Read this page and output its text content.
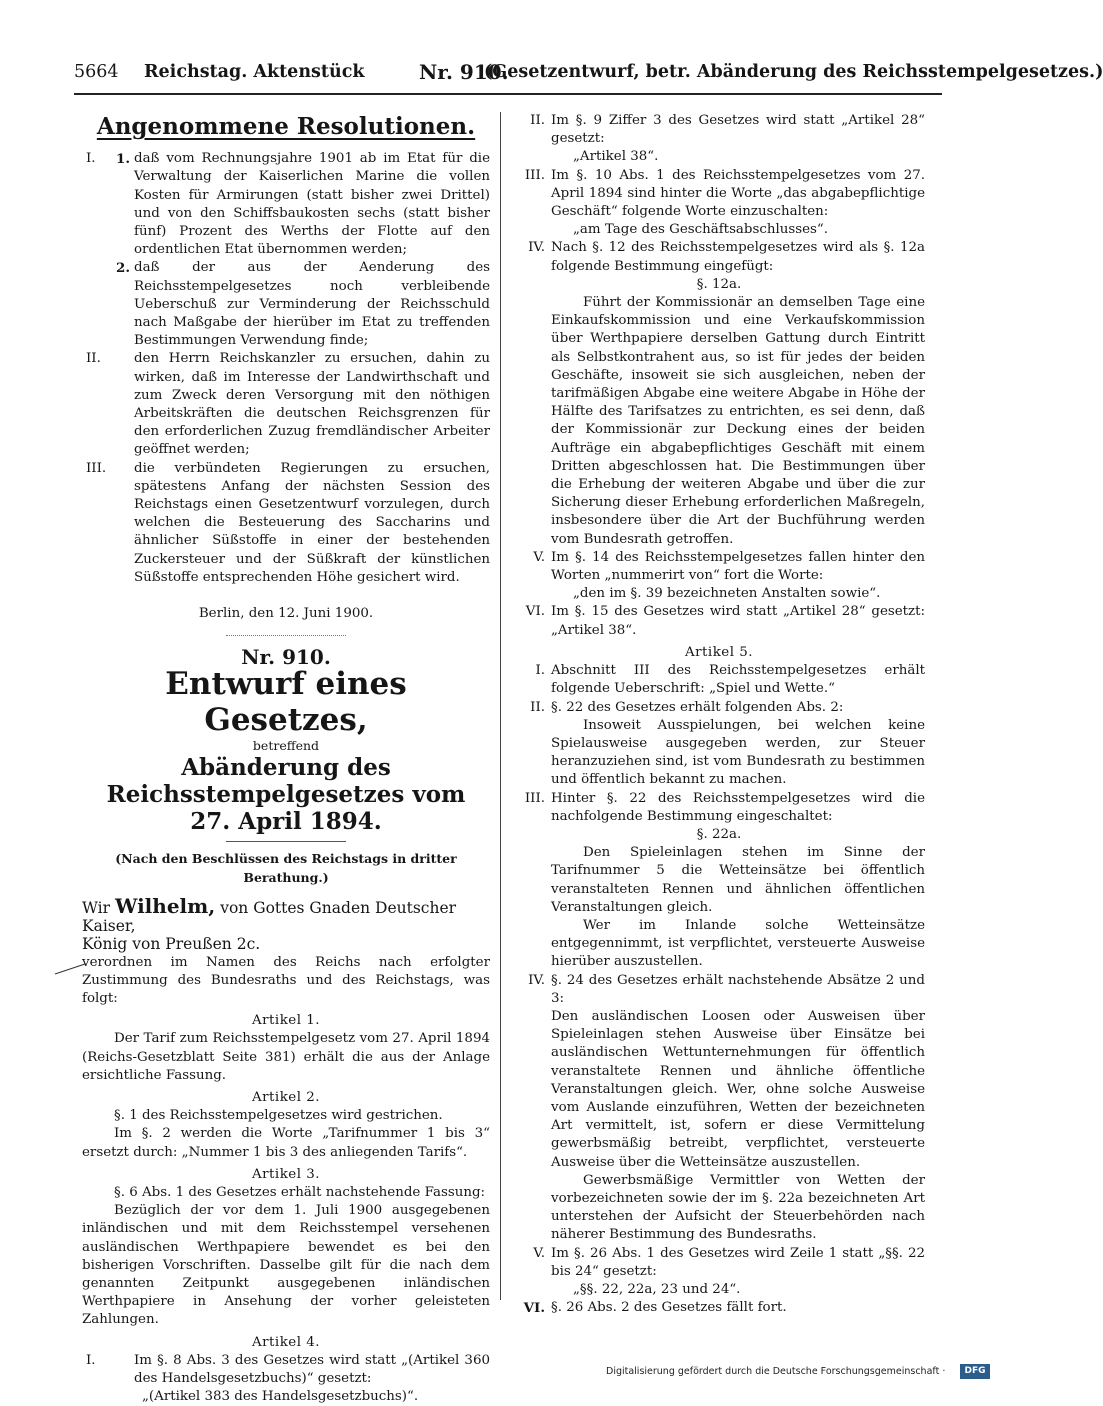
5664 Reichstag. Aktenstück	Nr. 910.
(Gesetzentwurf, betr. Abänderung des Reichsstempelgesetzes.)

Angenommene Resolutionen.

I.	1. daß vom Rechnungsjahre 1901 ab im Etat für die Verwaltung der Kaiserlichen Marine die vollen Kosten für Armirungen (statt bisher zwei Drittel) und von den Schiffsbaukosten sechs (statt bisher fünf) Prozent des Werths der Flotte auf den ordentlichen Etat übernommen werden;
2. daß der aus der Aenderung des Reichsstempelgesetzes noch verbleibende Ueberschuß zur Verminderung der Reichsschuld nach Maßgabe der hierüber im Etat zu treffenden Bestimmungen Verwendung finde;
II.	den Herrn Reichskanzler zu ersuchen, dahin zu wirken, daß im Interesse der Landwirthschaft und zum Zweck deren Versorgung mit den nöthigen Arbeitskräften die deutschen Reichsgrenzen für den erforderlichen Zuzug fremdländischer Arbeiter geöffnet werden;
III.	die verbündeten Regierungen zu ersuchen, spätestens Anfang der nächsten Session des Reichstags einen Gesetzentwurf vorzulegen, durch welchen die Besteuerung des Saccharins und ähnlicher Süßstoffe in einer der bestehenden Zuckersteuer und der Süßkraft der künstlichen Süßstoffe entsprechenden Höhe gesichert wird.

Berlin, den 12. Juni 1900.

Nr. 910.

Entwurf eines Gesetzes,

betreffend

Abänderung des Reichsstempelgesetzes vom

27. April 1894.

(Nach den Beschlüssen des Reichstags in dritter Berathung.)

Wir Wilhelm, von Gottes Gnaden Deutscher Kaiser,

König von Preußen 2c.

verordnen im Namen des Reichs nach erfolgter Zustimmung des Bundesraths und des Reichstags, was folgt:

Artikel 1.

Der Tarif zum Reichsstempelgesetz vom 27. April 1894 (Reichs-Gesetzblatt Seite 381) erhält die aus der Anlage ersichtliche Fassung.

Artikel 2.

§. 1 des Reichsstempelgesetzes wird gestrichen.

Im §. 2 werden die Worte „Tarifnummer 1 bis 3“ ersetzt durch: „Nummer 1 bis 3 des anliegenden Tarifs“.

Artikel 3.

§. 6 Abs. 1 des Gesetzes erhält nachstehende Fassung:

Bezüglich der vor dem 1. Juli 1900 ausgegebenen inländischen und mit dem Reichsstempel versehenen ausländischen Werthpapiere bewendet es bei den bisherigen Vorschriften. Dasselbe gilt für die nach dem genannten Zeitpunkt ausgegebenen inländischen Werthpapiere in Ansehung der vorher geleisteten Zahlungen.

Artikel 4.

I.	Im §. 8 Abs. 3 des Gesetzes wird statt „(Artikel 360 des Handelsgesetzbuchs)“ gesetzt:

„(Artikel 383 des Handelsgesetzbuchs)“.

II. Im §. 9 Ziffer 3 des Gesetzes wird statt „Artikel 28“ gesetzt:

„Artikel 38“.

III. Im §. 10 Abs. 1 des Reichsstempelgesetzes vom 27. April 1894 sind hinter die Worte „das abgabepflichtige Geschäft“ folgende Worte einzuschalten:

„am Tage des Geschäftsabschlusses“.

IV. Nach §. 12 des Reichsstempelgesetzes wird als §. 12a folgende Bestimmung eingefügt:

§. 12a.

Führt der Kommissionär an demselben Tage eine Einkaufskommission und eine Verkaufskommission über Werthpapiere derselben Gattung durch Eintritt als Selbstkontrahent aus, so ist für jedes der beiden Geschäfte, insoweit sie sich ausgleichen, neben der tarifmäßigen Abgabe eine weitere Abgabe in Höhe der Hälfte des Tarifsatzes zu entrichten, es sei denn, daß der Kommissionär zur Deckung eines der beiden Aufträge ein abgabepflichtiges Geschäft mit einem Dritten abgeschlossen hat. Die Bestimmungen über die Erhebung der weiteren Abgabe und über die zur Sicherung dieser Erhebung erforderlichen Maßregeln, insbesondere über die Art der Buchführung werden vom Bundesrath getroffen.

V. Im §. 14 des Reichsstempelgesetzes fallen hinter den Worten „nummerirt von“ fort die Worte:

„den im §. 39 bezeichneten Anstalten sowie“.

VI. Im §. 15 des Gesetzes wird statt „Artikel 28“ gesetzt: „Artikel 38“.

Artikel 5.

I. Abschnitt III des Reichsstempelgesetzes erhält folgende Ueberschrift: „Spiel und Wette.“
II. §. 22 des Gesetzes erhält folgenden Abs. 2:

Insoweit Ausspielungen, bei welchen keine Spielausweise ausgegeben werden, zur Steuer heranzuziehen sind, ist vom Bundesrath zu bestimmen und öffentlich bekannt zu machen.

III. Hinter §. 22 des Reichsstempelgesetzes wird die nachfolgende Bestimmung eingeschaltet:

§. 22a.

Den Spieleinlagen stehen im Sinne der Tarifnummer 5 die Wetteinsätze bei öffentlich veranstalteten Rennen und ähnlichen öffentlichen Veranstaltungen gleich.

Wer im Inlande solche Wetteinsätze entgegennimmt, ist verpflichtet, versteuerte Ausweise hierüber auszustellen.

IV. §. 24 des Gesetzes erhält nachstehende Absätze 2 und 3:

Den ausländischen Loosen oder Ausweisen über Spieleinlagen stehen Ausweise über Einsätze bei ausländischen Wettunternehmungen für öffentlich veranstaltete Rennen und ähnliche öffentliche Veranstaltungen gleich. Wer, ohne solche Ausweise vom Auslande einzuführen, Wetten der bezeichneten Art vermittelt, ist, sofern er diese Vermittelung gewerbsmäßig betreibt, verpflichtet, versteuerte Ausweise über die Wetteinsätze auszustellen.

Gewerbsmäßige Vermittler von Wetten der vorbezeichneten sowie der im §. 22a bezeichneten Art unterstehen der Aufsicht der Steuerbehörden nach näherer Bestimmung des Bundesraths.

V. Im §. 26 Abs. 1 des Gesetzes wird Zeile 1 statt „§§. 22 bis 24“ gesetzt:

„§§. 22, 22a, 23 und 24“.

VI. §. 26 Abs. 2 des Gesetzes fällt fort.
Digitalisierung gefördert durch die Deutsche Forschungsgemeinschaft ·	DFG
